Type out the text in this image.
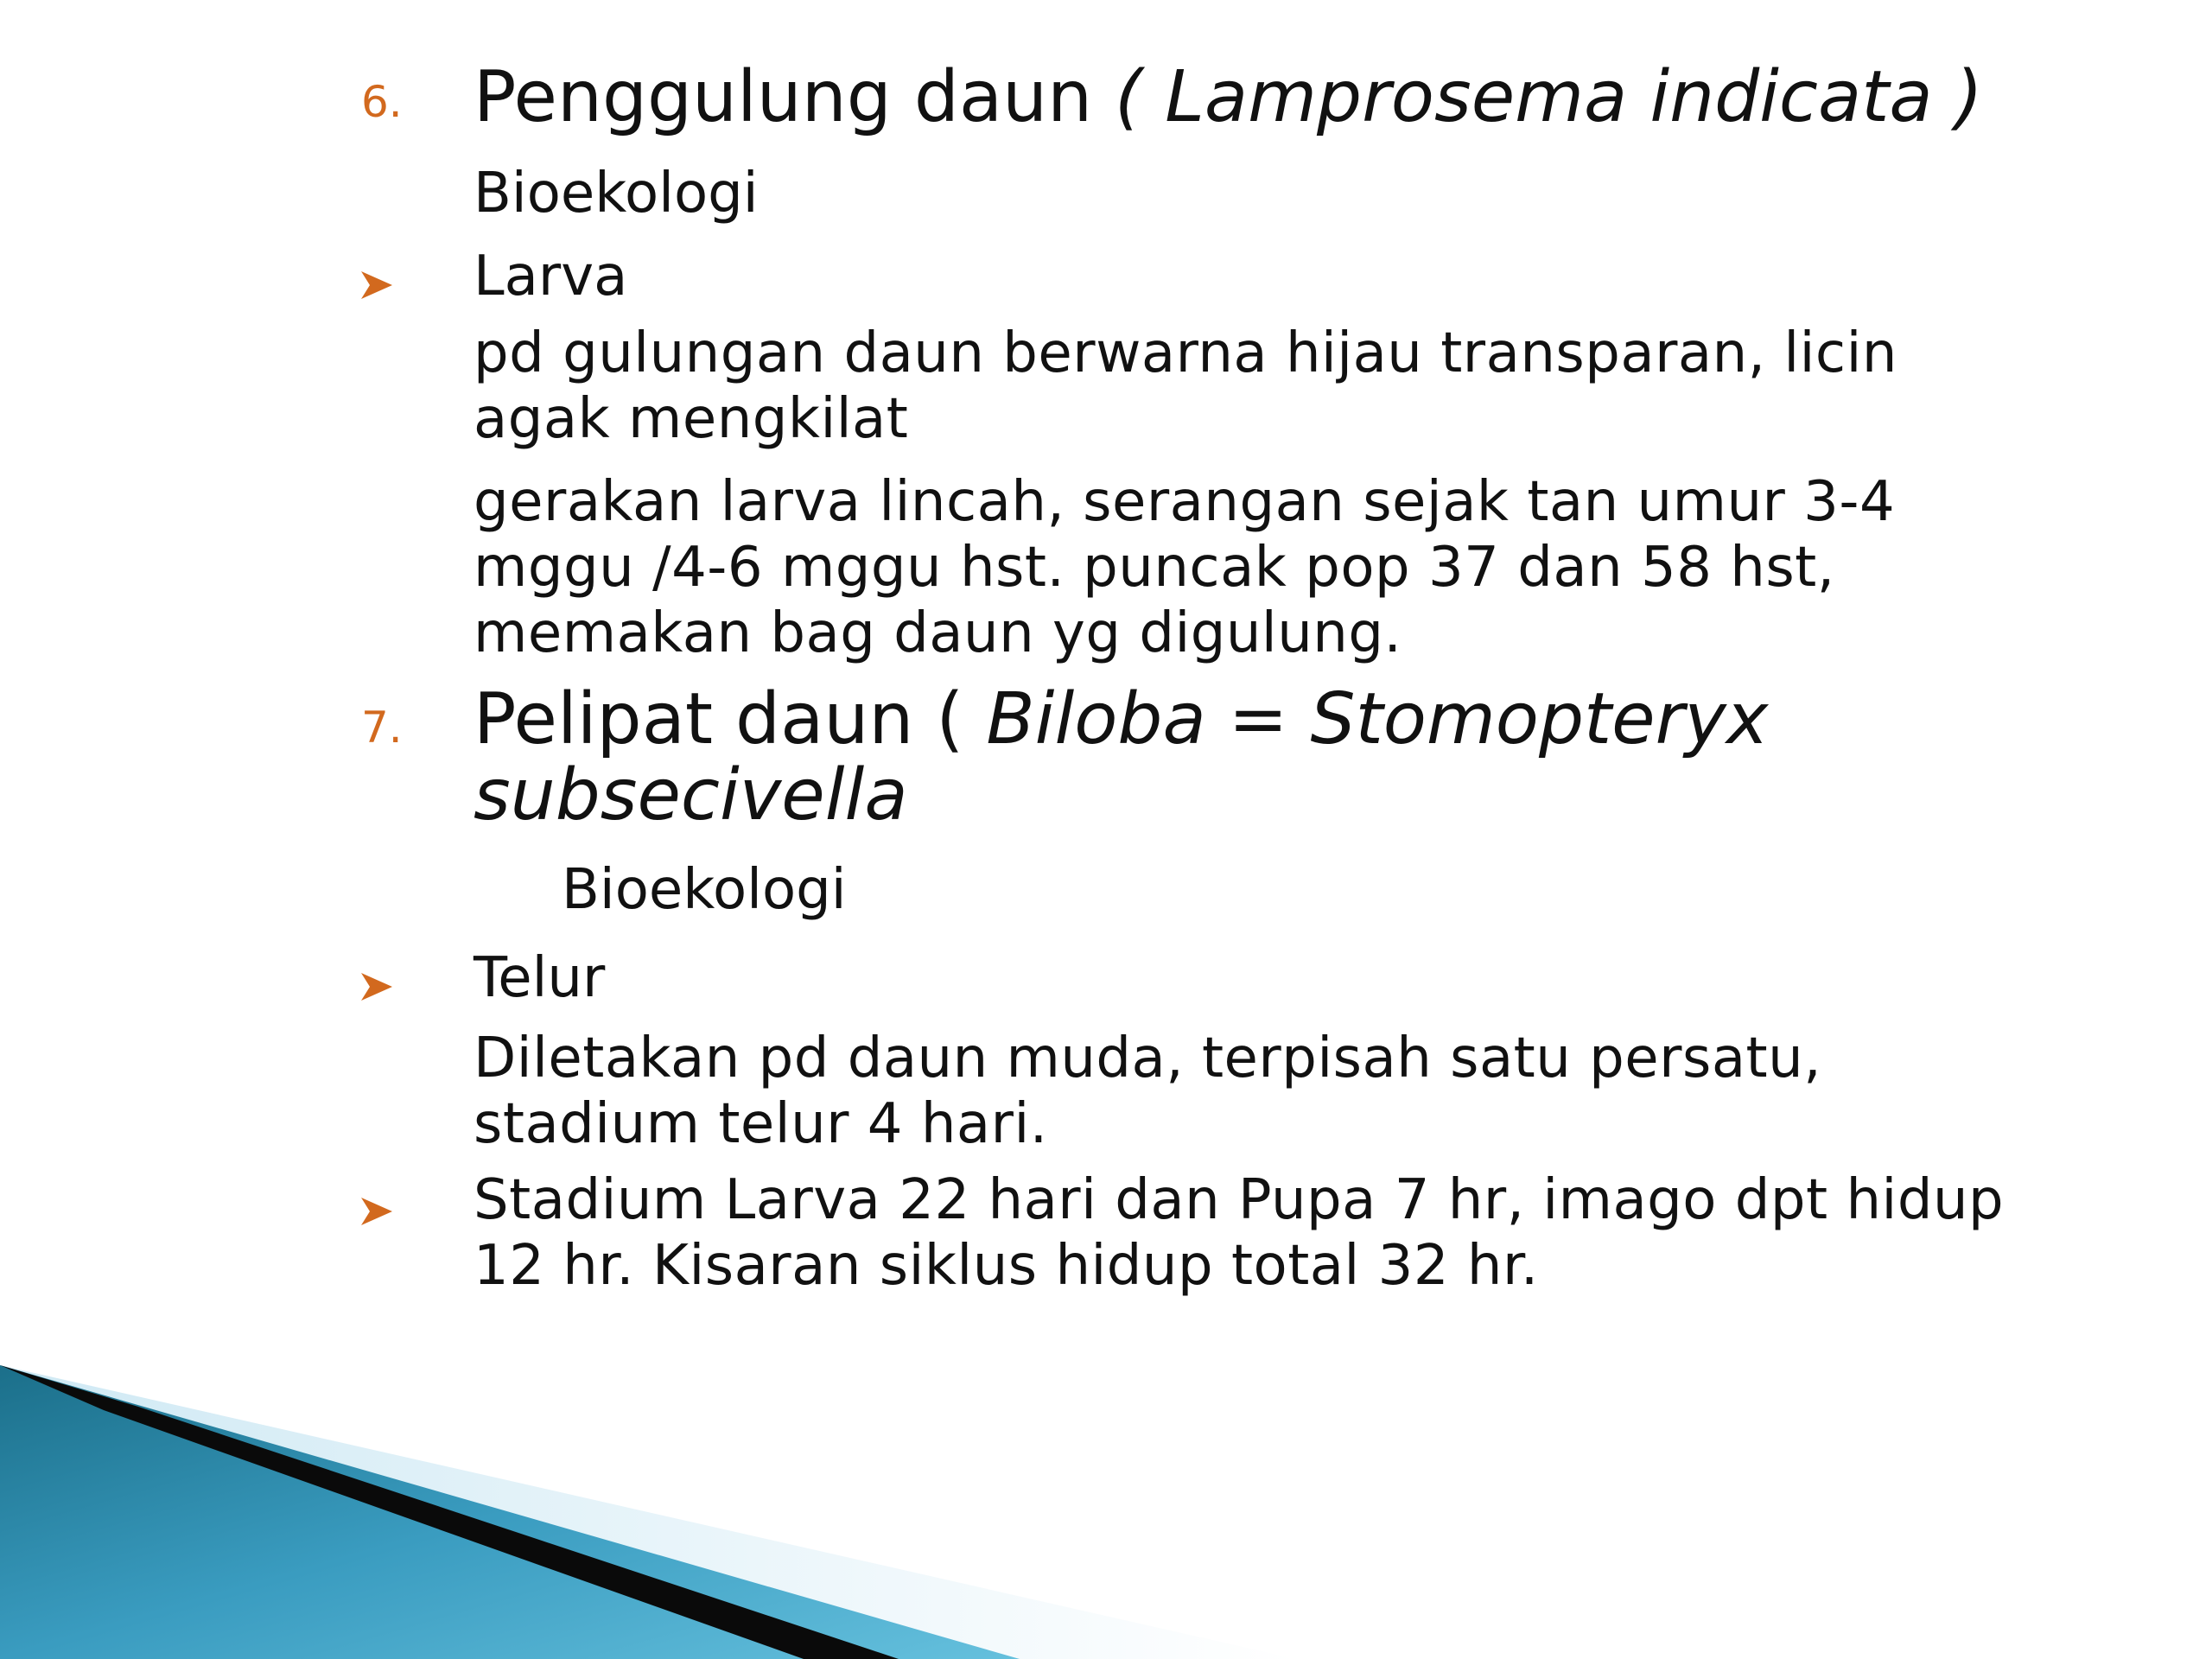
6. Penggulung daun ( Lamprosema indicata )
Bioekologi
Larva
pd gulungan daun berwarna hijau transparan, licin
agak mengkilat
gerakan larva lincah, serangan sejak tan umur 3-4
mggu /4-6 mggu hst. puncak pop 37 dan 58 hst,
memakan bag daun yg digulung.
7. Pelipat daun ( Biloba = Stomopteryx
subsecivella
Bioekologi
Telur
Diletakan pd daun muda, terpisah satu persatu,
stadium telur 4 hari.
Stadium Larva 22 hari dan Pupa 7 hr, imago dpt hidup
12 hr. Kisaran siklus hidup total 32 hr.
